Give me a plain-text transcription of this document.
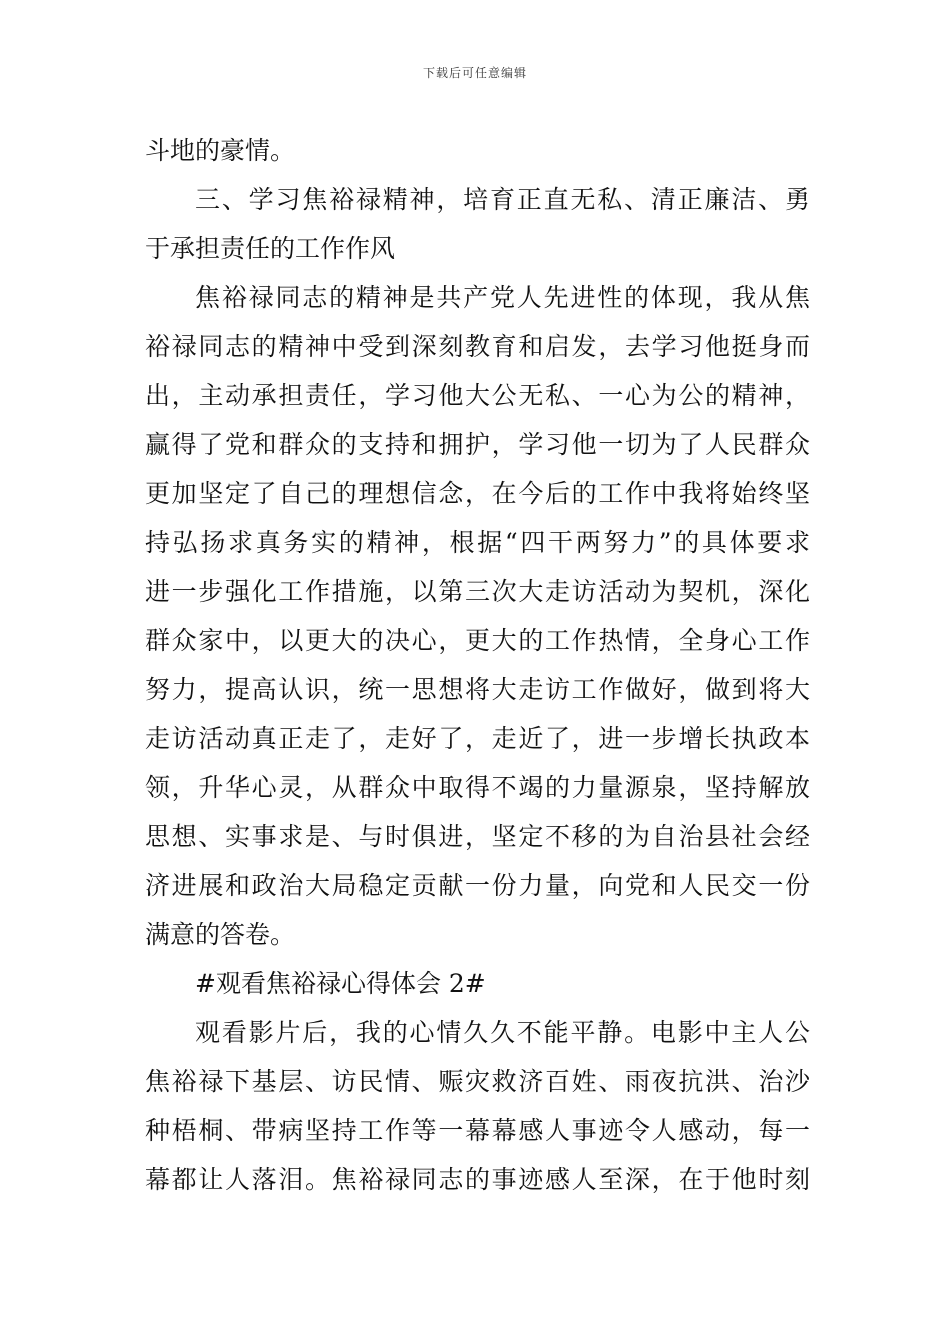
下载后可任意编辑
斗地的豪情。
三、学习焦裕禄精神，培育正直无私、清正廉洁、勇
于承担责任的工作作风
焦裕禄同志的精神是共产党人先进性的体现，我从焦
裕禄同志的精神中受到深刻教育和启发，去学习他挺身而
出，主动承担责任，学习他大公无私、一心为公的精神，
赢得了党和群众的支持和拥护，学习他一切为了人民群众
更加坚定了自己的理想信念，在今后的工作中我将始终坚
持弘扬求真务实的精神，根据“四干两努力”的具体要求
进一步强化工作措施，以第三次大走访活动为契机，深化
群众家中，以更大的决心，更大的工作热情，全身心工作
努力，提高认识，统一思想将大走访工作做好，做到将大
走访活动真正走了，走好了，走近了，进一步增长执政本
领，升华心灵，从群众中取得不竭的力量源泉，坚持解放
思想、实事求是、与时俱进，坚定不移的为自治县社会经
济进展和政治大局稳定贡献一份力量，向党和人民交一份
满意的答卷。
#观看焦裕禄心得体会 2#
观看影片后，我的心情久久不能平静。电影中主人公
焦裕禄下基层、访民情、赈灾救济百姓、雨夜抗洪、治沙
种梧桐、带病坚持工作等一幕幕感人事迹令人感动，每一
幕都让人落泪。焦裕禄同志的事迹感人至深，在于他时刻
